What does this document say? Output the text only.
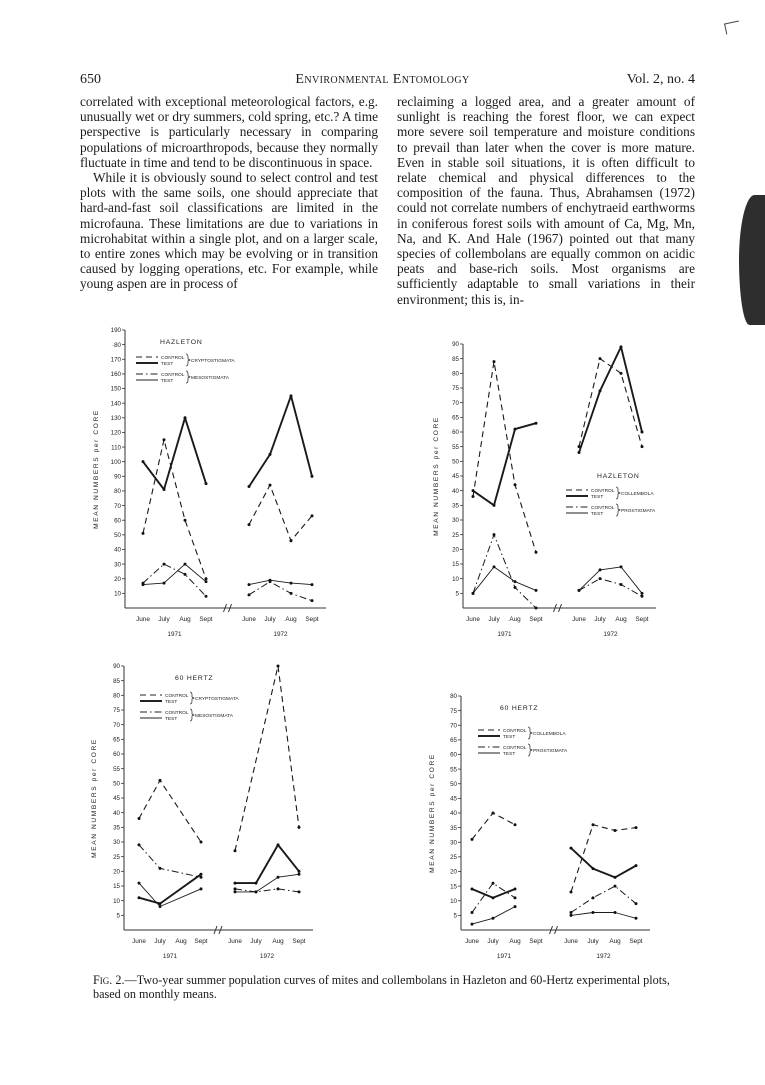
650	Environmental Entomology	Vol. 2, no. 4

correlated with exceptional meteorological factors, e.g. unusually wet or dry summers, cold spring, etc.? A time perspective is particularly necessary in comparing populations of microarthropods, because they normally fluctuate in time and tend to be discontinuous in space.

While it is obviously sound to select control and test plots with the same soils, one should appreciate that hard-and-fast soil classifications are limited in the microfauna. These limitations are due to variations in microhabitat within a single plot, and on a larger scale, to entire zones which may be evolving or in transition caused by logging operations, etc. For example, while young aspen are in process of

reclaiming a logged area, and a greater amount of sunlight is reaching the forest floor, we can expect more severe soil temperature and moisture conditions to prevail than later when the cover is more mature. Even in stable soil situations, it is often difficult to relate chemical and physical differences to the composition of the fauna. Thus, Abrahamsen (1972) could not correlate numbers of enchytraeid earthworms in coniferous forest soils with amount of Ca, Mg, Mn, Na, and K. And Hale (1967) pointed out that many species of collembolans are equally common on acidic peats and base-rich soils. Most organisms are sufficiently adaptable to small variations in their environment; this is, in-

10
20
30
40
50
60
70
80
90
100
110
120
130
140
150
160
170
·80
190
MEAN NUMBERS per CORE
June July Aug Sept
1971
June July Aug Sept
1972
HAZLETON
CONTROL
TEST
CRYPTOSTIGMATA
CONTROL
TEST
MESOSTIGMATA
5
10
15
20
25
30
35
40
45
50
55
60
65
70
75
80
85
90
MEAN NUMBERS per CORE
June July Aug Sept
1971
June July Aug Sept
1972
HAZLETON
CONTROL
TEST
COLLEMBOLA
CONTROL
TEST
PROSTIGMATA
5
10
15
20
25
30
35
40
45
50
55
60
65
70
75
80
85
90
MEAN NUMBERS per CORE
June July Aug Sept
1971
June July Aug Sept
1972
60 HERTZ
CONTROL
TEST
CRYPTOSTIGMATA
CONTROL
TEST
MESOSTIGMATA
5
10
15
20
25
30
35
40
45
50
55
60
65
70
75
80
MEAN NUMBERS per CORE
June July Aug Sept
1971
June July Aug Sept
1972
60 HERTZ
CONTROL
TEST
COLLEMBOLA
CONTROL
TEST
PROSTIGMATA
Fig. 2.—Two-year summer population curves of mites and collembolans in Hazleton and 60-Hertz experimental plots, based on monthly means.
